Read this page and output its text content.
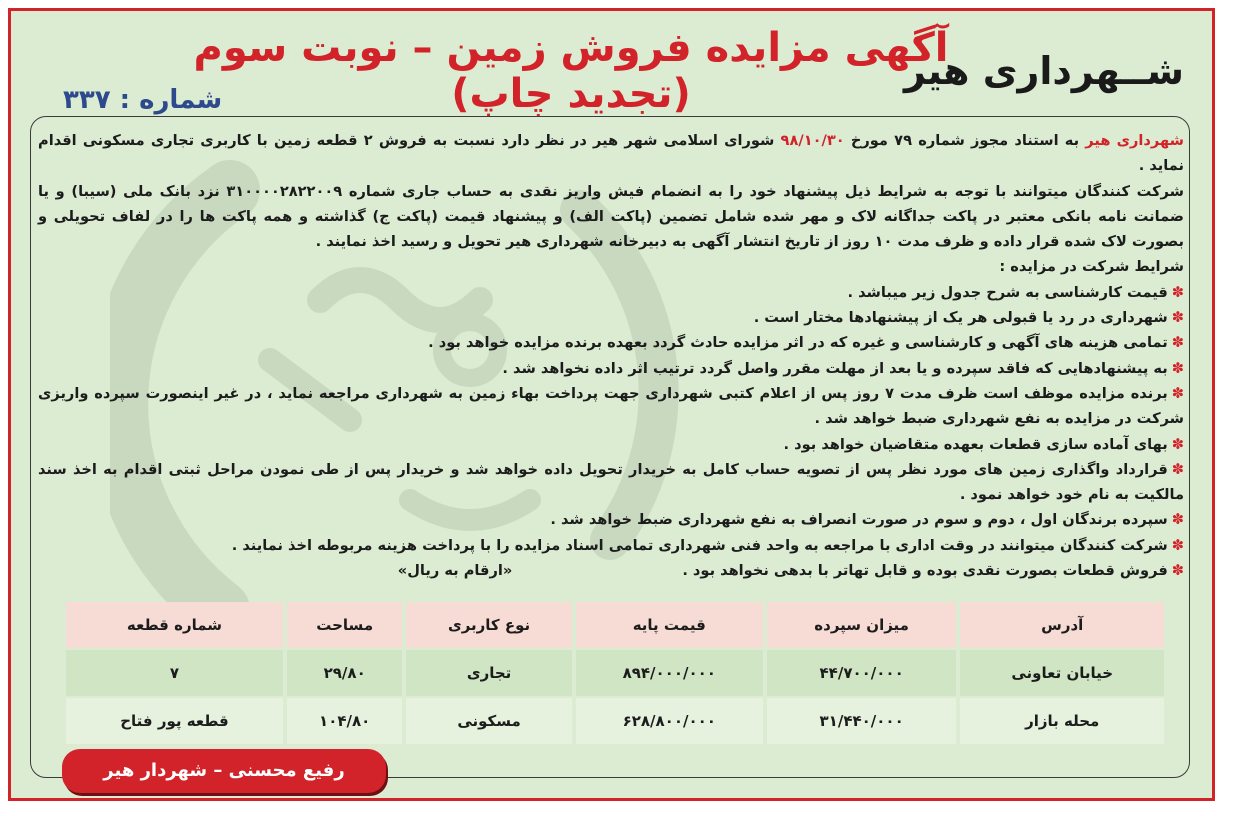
آگهی مزایده فروش زمین – نوبت سوم (تجدید چاپ)	شــهرداری هیر
شماره : ۳۳۷

شهرداری هیر به استناد مجوز شماره ۷۹ مورخ ۹۸/۱۰/۳۰ شورای اسلامی شهر هیر در نظر دارد نسبت به فروش ۲ قطعه زمین با کاربری تجاری مسکونی اقدام نماید .

شرکت کنندگان میتوانند با توجه به شرایط ذیل پیشنهاد خود را به انضمام فیش واریز نقدی به حساب جاری شماره ۳۱۰۰۰۰۲۸۲۲۰۰۹ نزد بانک ملی (سیبا) و یا ضمانت نامه بانکی معتبر در پاکت جداگانه لاک و مهر شده شامل تضمین (پاکت الف) و پیشنهاد قیمت (پاکت ج) گذاشته و همه پاکت ها را در لفاف تحویلی و بصورت لاک شده قرار داده و ظرف مدت ۱۰ روز از تاریخ انتشار آگهی به دبیرخانه شهرداری هیر تحویل و رسید اخذ نمایند .

شرایط شرکت در مزایده :

✽قیمت کارشناسی به شرح جدول زیر میباشد .

✽شهرداری در رد یا قبولی هر یک از پیشنهادها مختار است .

✽تمامی هزینه های آگهی و کارشناسی و غیره که در اثر مزایده حادث گردد بعهده برنده مزایده خواهد بود .

✽به پیشنهادهایی که فاقد سپرده و یا بعد از مهلت مقرر واصل گردد ترتیب اثر داده نخواهد شد .

✽برنده مزایده موظف است ظرف مدت ۷ روز پس از اعلام کتبی شهرداری جهت پرداخت بهاء زمین به شهرداری مراجعه نماید ، در غیر اینصورت سپرده واریزی شرکت در مزایده به نفع شهرداری ضبط خواهد شد .

✽بهای آماده سازی قطعات بعهده متقاضیان خواهد بود .

✽قرارداد واگذاری زمین های مورد نظر پس از تصویه حساب کامل به خریدار تحویل داده خواهد شد و خریدار پس از طی نمودن مراحل ثبتی اقدام به اخذ سند مالکیت به نام خود خواهد نمود .

✽سپرده برندگان اول ، دوم و سوم در صورت انصراف به نفع شهرداری ضبط خواهد شد .

✽شرکت کنندگان میتوانند در وقت اداری با مراجعه به واحد فنی شهرداری تمامی اسناد مزایده را با پرداخت هزینه مربوطه اخذ نمایند .

✽فروش قطعات بصورت نقدی بوده و قابل تهاتر با بدهی نخواهد بود .«ارقام به ریال»

آدرس	میزان سپرده	قیمت پایه	نوع کاربری	مساحت	شماره قطعه
خیابان تعاونی	۴۴/۷۰۰/۰۰۰	۸۹۴/۰۰۰/۰۰۰	تجاری	۲۹/۸۰	۷
محله بازار	۳۱/۴۴۰/۰۰۰	۶۲۸/۸۰۰/۰۰۰	مسکونی	۱۰۴/۸۰	قطعه پور فتاح
رفیع محسنی – شهردار هیر
